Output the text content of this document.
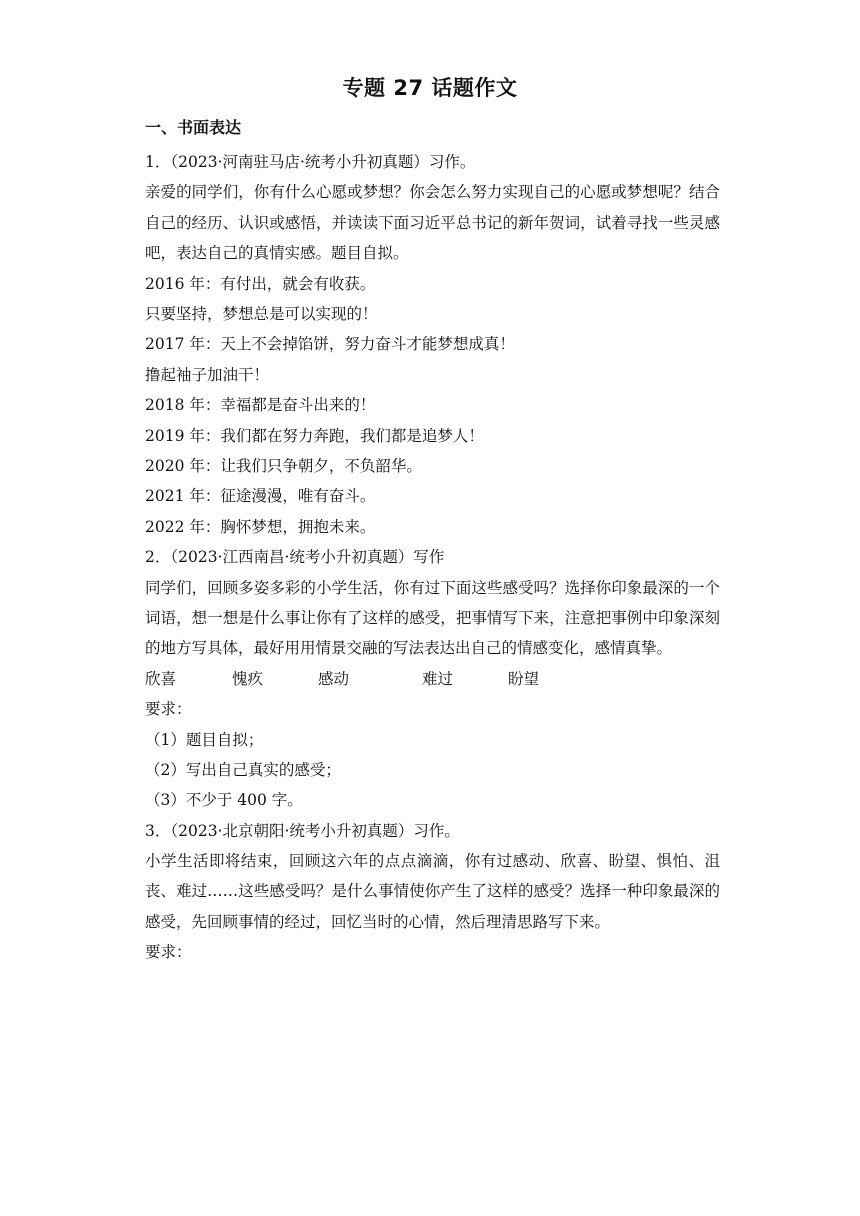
专题 27 话题作文
一、书面表达
1．（2023·河南驻马店·统考小升初真题）习作。

亲爱的同学们，你有什么心愿或梦想？你会怎么努力实现自己的心愿或梦想呢？结合自己的经历、认识或感悟，并读读下面习近平总书记的新年贺词，试着寻找一些灵感吧，表达自己的真情实感。题目自拟。

2016 年：有付出，就会有收获。
只要坚持，梦想总是可以实现的！
2017 年：天上不会掉馅饼，努力奋斗才能梦想成真！
撸起袖子加油干！
2018 年：幸福都是奋斗出来的！
2019 年：我们都在努力奔跑，我们都是追梦人！
2020 年：让我们只争朝夕，不负韶华。
2021 年：征途漫漫，唯有奋斗。
2022 年：胸怀梦想，拥抱未来。
2．（2023·江西南昌·统考小升初真题）写作

同学们，回顾多姿多彩的小学生活，你有过下面这些感受吗？选择你印象最深的一个词语，想一想是什么事让你有了这样的感受，把事情写下来，注意把事例中印象深刻的地方写具体，最好用用情景交融的写法表达出自己的情感变化，感情真挚。

欣喜	愧疚	感动	难过	盼望
要求：
（1）题目自拟；
（2）写出自己真实的感受；
（3）不少于 400 字。
3．（2023·北京朝阳·统考小升初真题）习作。

小学生活即将结束，回顾这六年的点点滴滴，你有过感动、欣喜、盼望、惧怕、沮丧、难过……这些感受吗？是什么事情使你产生了这样的感受？选择一种印象最深的感受，先回顾事情的经过，回忆当时的心情，然后理清思路写下来。

要求：
